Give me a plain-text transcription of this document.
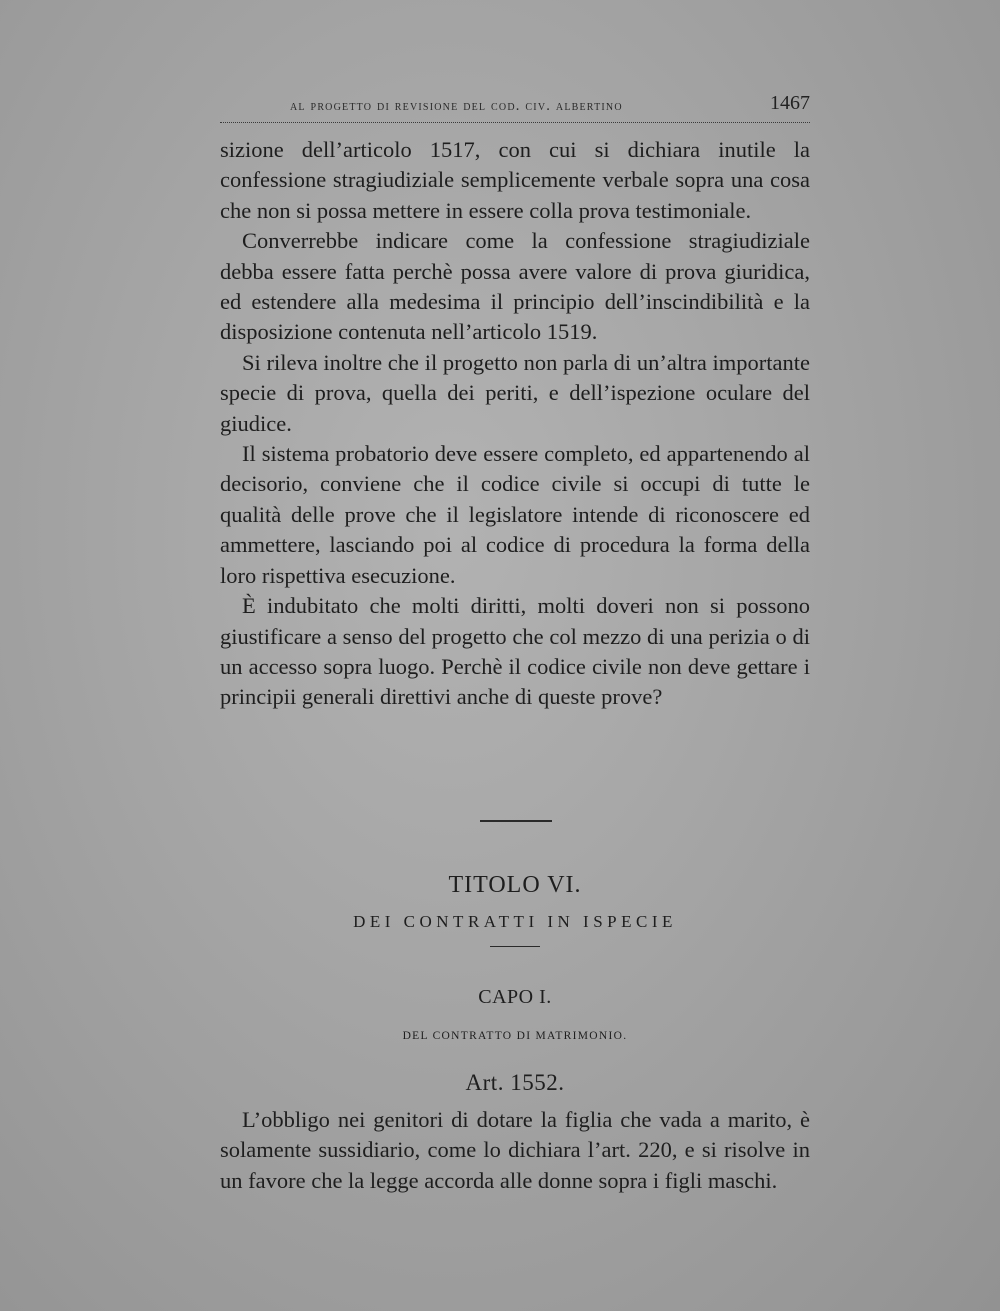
al progetto di revisione del cod. civ. albertino	1467

sizione dell’articolo 1517, con cui si dichiara inutile la confessione stragiudiziale semplicemente verbale sopra una cosa che non si possa mettere in essere colla prova testimoniale.

Converrebbe indicare come la confessione stragiudiziale debba essere fatta perchè possa avere valore di prova giuridica, ed estendere alla medesima il principio dell’inscindibilità e la disposizione contenuta nell’articolo 1519.

Si rileva inoltre che il progetto non parla di un’altra importante specie di prova, quella dei periti, e dell’ispezione oculare del giudice.

Il sistema probatorio deve essere completo, ed appartenendo al decisorio, conviene che il codice civile si occupi di tutte le qualità delle prove che il legislatore intende di riconoscere ed ammettere, lasciando poi al codice di procedura la forma della loro rispettiva esecuzione.

È indubitato che molti diritti, molti doveri non si possono giustificare a senso del progetto che col mezzo di una perizia o di un accesso sopra luogo. Perchè il codice civile non deve gettare i principii generali direttivi anche di queste prove?

TITOLO VI.
DEI CONTRATTI IN ISPECIE
CAPO I.
DEL CONTRATTO DI MATRIMONIO.
Art. 1552.

L’obbligo nei genitori di dotare la figlia che vada a marito, è solamente sussidiario, come lo dichiara l’art. 220, e si risolve in un favore che la legge accorda alle donne sopra i figli maschi.
